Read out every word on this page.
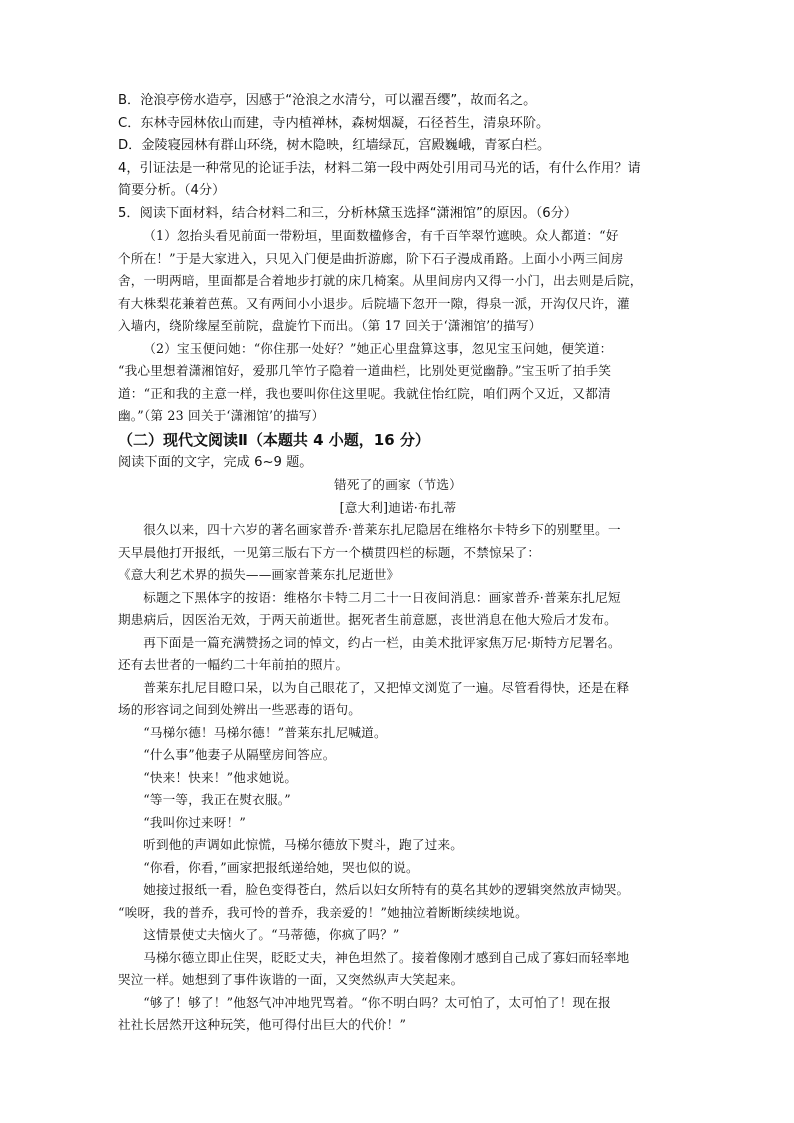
B．沧浪亭傍水造亭，因感于“沧浪之水清兮，可以濯吾缨”，故而名之。
C．东林寺园林依山而建，寺内植禅林，森树烟凝，石径苔生，清泉环阶。
D．金陵寝园林有群山环绕，树木隐映，红墙绿瓦，宫殿巍峨，青冢白栏。
4，引证法是一种常见的论证手法，材料二第一段中两处引用司马光的话，有什么作用？请
简要分析。（4分）
5．阅读下面材料，结合材料二和三，分析林黛玉选择“潇湘馆”的原因。（6分）
（1）忽抬头看见前面一带粉垣，里面数楹修舍，有千百竿翠竹遮映。众人都道：“好
个所在！”于是大家进入，只见入门便是曲折游廊，阶下石子漫成甬路。上面小小两三间房
舍，一明两暗，里面都是合着地步打就的床几椅案。从里间房内又得一小门，出去则是后院，
有大株梨花兼着芭蕉。又有两间小小退步。后院墙下忽开一隙，得泉一派，开沟仅尺许，灌
入墙内，绕阶缘屋至前院，盘旋竹下而出。（第 17 回关于‘潇湘馆’的描写）
（2）宝玉便问她：“你住那一处好？”她正心里盘算这事，忽见宝玉问她，便笑道：
“我心里想着潇湘馆好，爱那几竿竹子隐着一道曲栏，比别处更觉幽静。”宝玉听了拍手笑
道：“正和我的主意一样，我也要叫你住这里呢。我就住怡红院，咱们两个又近，又都清
幽。”（第 23 回关于‘潇湘馆’的描写）
（二）现代文阅读Ⅱ（本题共 4 小题，16 分）
阅读下面的文字，完成 6~9 题。
错死了的画家（节选）
[意大利]迪诺·布扎蒂
很久以来，四十六岁的著名画家普乔·普莱东扎尼隐居在维格尔卡特乡下的别墅里。一
天早晨他打开报纸，一见第三版右下方一个横贯四栏的标题，不禁惊呆了：
《意大利艺术界的损失——画家普莱东扎尼逝世》
标题之下黑体字的按语：维格尔卡特二月二十一日夜间消息：画家普乔·普莱东扎尼短
期患病后，因医治无效，于两天前逝世。据死者生前意愿，丧世消息在他大殓后才发布。
再下面是一篇充满赞扬之词的悼文，约占一栏，由美术批评家焦万尼·斯特方尼署名。
还有去世者的一幅约二十年前拍的照片。
普莱东扎尼目瞪口呆，以为自己眼花了，又把悼文浏览了一遍。尽管看得快，还是在释
场的形容词之间到处辨出一些恶毒的语句。
“马梯尔德！马梯尔德！”普莱东扎尼喊道。
“什么事”他妻子从隔壁房间答应。
“快来！快来！”他求她说。
“等一等，我正在熨衣服。”
“我叫你过来呀！”
听到他的声调如此惊慌，马梯尔德放下熨斗，跑了过来。
“你看，你看，”画家把报纸递给她，哭也似的说。
她接过报纸一看，脸色变得苍白，然后以妇女所特有的莫名其妙的逻辑突然放声恸哭。
“唉呀，我的普乔，我可怜的普乔，我亲爱的！”她抽泣着断断续续地说。
这情景使丈夫恼火了。“马蒂德，你疯了吗？”
马梯尔德立即止住哭，眨眨丈夫，神色坦然了。接着像刚才感到自己成了寡妇而轻率地
哭泣一样。她想到了事件诙谐的一面，又突然纵声大笑起来。
“够了！够了！”他怒气冲冲地咒骂着。“你不明白吗？太可怕了，太可怕了！现在报
社社长居然开这种玩笑，他可得付出巨大的代价！”
